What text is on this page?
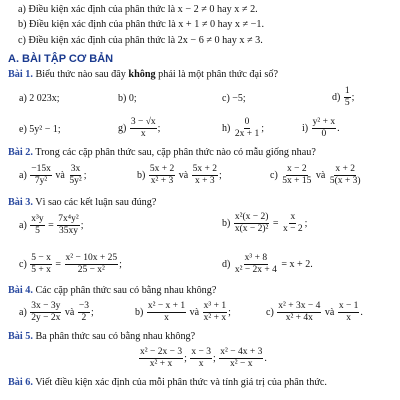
a) Điều kiện xác định của phân thức là x − 2 ≠ 0 hay x ≠ 2.
b) Điều kiện xác định của phân thức là x + 1 ≠ 0 hay x ≠ −1.
c) Điều kiện xác định của phân thức là 2x − 6 ≠ 0 hay x ≠ 3.
A. BÀI TẬP CƠ BẢN
Bài 1. Biểu thức nào sau đây không phải là một phân thức đại số?
a) 2 023x;	b) 0;	c) −5;	$d) \frac{1}{5}$ ;
e) 5y² − 1;	$g) \frac{3 - √x}{x}$ ;	$h) \frac{0}{2x + 1}$ ;	$i) \frac{\text{y² + x}}{0}$ .
Bài 2. Trong các cặp phân thức sau, cặp phân thức nào có mẫu giống nhau?
$a) \frac{-15x}{\text{7y²}}$ và $\frac{3x}{\text{5y²}}$ ;	$b) \frac{5x + 2}{\text{x² + 3}}$ và $\frac{5x + 2}{x + 3}$ ;	$c) \frac{x - 2}{5x + 15}$ và $\frac{x + 2}{5(x + 3)}$
Bài 3. Vì sao các kết luận sau đúng?
$a) \frac{\text{x³y}}{5} = \frac{\text{7x⁴y²}}{35xy}$ ;	$b) \frac{\text{x²(x − 2)}}{\text{x(x − 2)²}} = \frac{x}{x - 2}$ ;
$c) \frac{5 - x}{5 + x} = \frac{\text{x² − 10x + 25}}{\text{25 − x²}}$ ;	$d) \frac{\text{x³ + 8}}{\text{x² − 2x + 4}} = x + 2$.
Bài 4. Các cặp phân thức sau có bằng nhau không?
$a) \frac{3x - 3y}{2y - 2x}$ và $\frac{-3}{2}$ ;	$b) \frac{\text{x² − x + 1}}{x}$ và $\frac{\text{x³ + 1}}{\text{x² + x}}$ ;	$c) \frac{\text{x² + 3x − 4}}{\text{x² + 4x}}$ và $\frac{x - 1}{x}$ .
Bài 5. Ba phân thức sau có bằng nhau không?
$\frac{\text{x² − 2x − 3}}{\text{x² + x}}$ ; $\frac{x - 3}{x}$ ; $\frac{\text{x² − 4x + 3}}{\text{x² − x}}$ .
Bài 6. Viết điều kiện xác định của mỗi phân thức và tính giá trị của phân thức.
